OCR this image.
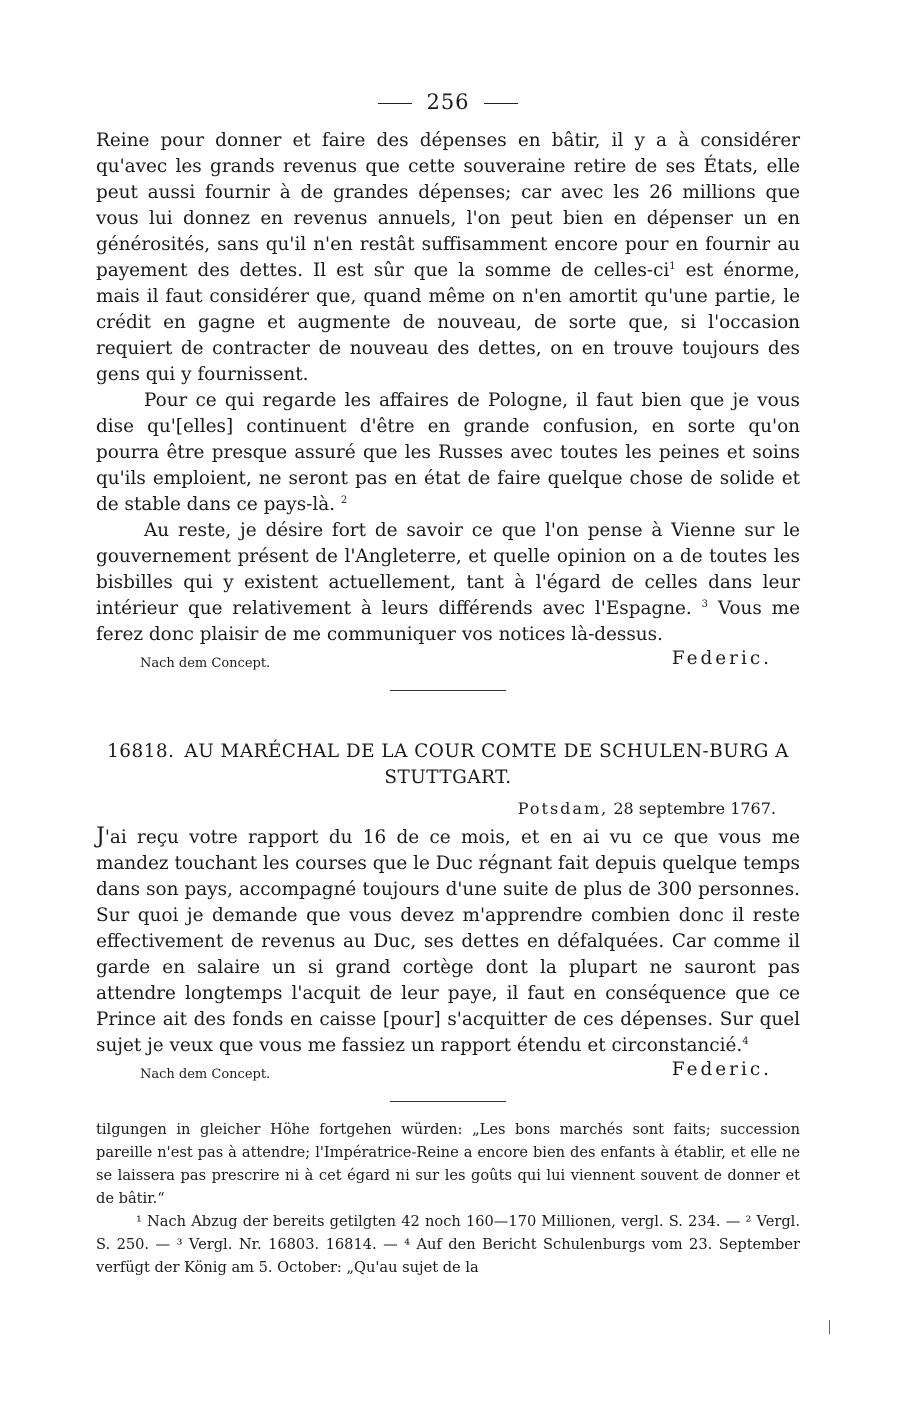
256

Reine pour donner et faire des dépenses en bâtir, il y a à considérer qu'avec les grands revenus que cette souveraine retire de ses États, elle peut aussi fournir à de grandes dépenses; car avec les 26 millions que vous lui donnez en revenus annuels, l'on peut bien en dépenser un en générosités, sans qu'il n'en restât suffisamment encore pour en fournir au payement des dettes. Il est sûr que la somme de celles-$ci^1$ est énorme, mais il faut considérer que, quand même on n'en amortit qu'une partie, le crédit en gagne et augmente de nouveau, de sorte que, si l'occasion requiert de contracter de nouveau des dettes, on en trouve toujours des gens qui y fournissent.

Pour ce qui regarde les affaires de Pologne, il faut bien que je vous dise qu'[elles] continuent d'être en grande confusion, en sorte qu'on pourra être presque assuré que les Russes avec toutes les peines et soins qu'ils emploient, ne seront pas en état de faire quelque chose de solide et de stable dans ce pays-là. $^2$

Au reste, je désire fort de savoir ce que l'on pense à Vienne sur le gouvernement présent de l'Angleterre, et quelle opinion on a de toutes les bisbilles qui y existent actuellement, tant à l'égard de celles dans leur intérieur que relativement à leurs différends avec l'Espagne. $^3$ Vous me ferez donc plaisir de me communiquer vos notices là-dessus.

Nach dem Concept.	Federic.
16818. AU MARÉCHAL DE LA COUR COMTE DE SCHULEN-BURG A STUTTGART.
Potsdam, 28 septembre 1767.

J'ai reçu votre rapport du 16 de ce mois, et en ai vu ce que vous me mandez touchant les courses que le Duc régnant fait depuis quelque temps dans son pays, accompagné toujours d'une suite de plus de 300 personnes. Sur quoi je demande que vous devez m'apprendre combien donc il reste effectivement de revenus au Duc, ses dettes en défalquées. Car comme il garde en salaire un si grand cortège dont la plupart ne sauront pas attendre longtemps l'acquit de leur paye, il faut en conséquence que ce Prince ait des fonds en caisse [pour] s'acquitter de ces dépenses. Sur quel sujet je veux que vous me fassiez un rapport étendu et circonstancié.$^4$

Nach dem Concept.	Federic.

tilgungen in gleicher Höhe fortgehen würden: „Les bons marchés sont faits; succession pareille n'est pas à attendre; l'Impératrice-Reine a encore bien des enfants à établir, et elle ne se laissera pas prescrire ni à cet égard ni sur les goûts qui lui viennent souvent de donner et de bâtir.“

¹ Nach Abzug der bereits getilgten 42 noch 160—170 Millionen, vergl. S. 234. — ² Vergl. S. 250. — ³ Vergl. Nr. 16803. 16814. — ⁴ Auf den Bericht Schulenburgs vom 23. September verfügt der König am 5. October: „Qu'au sujet de la
